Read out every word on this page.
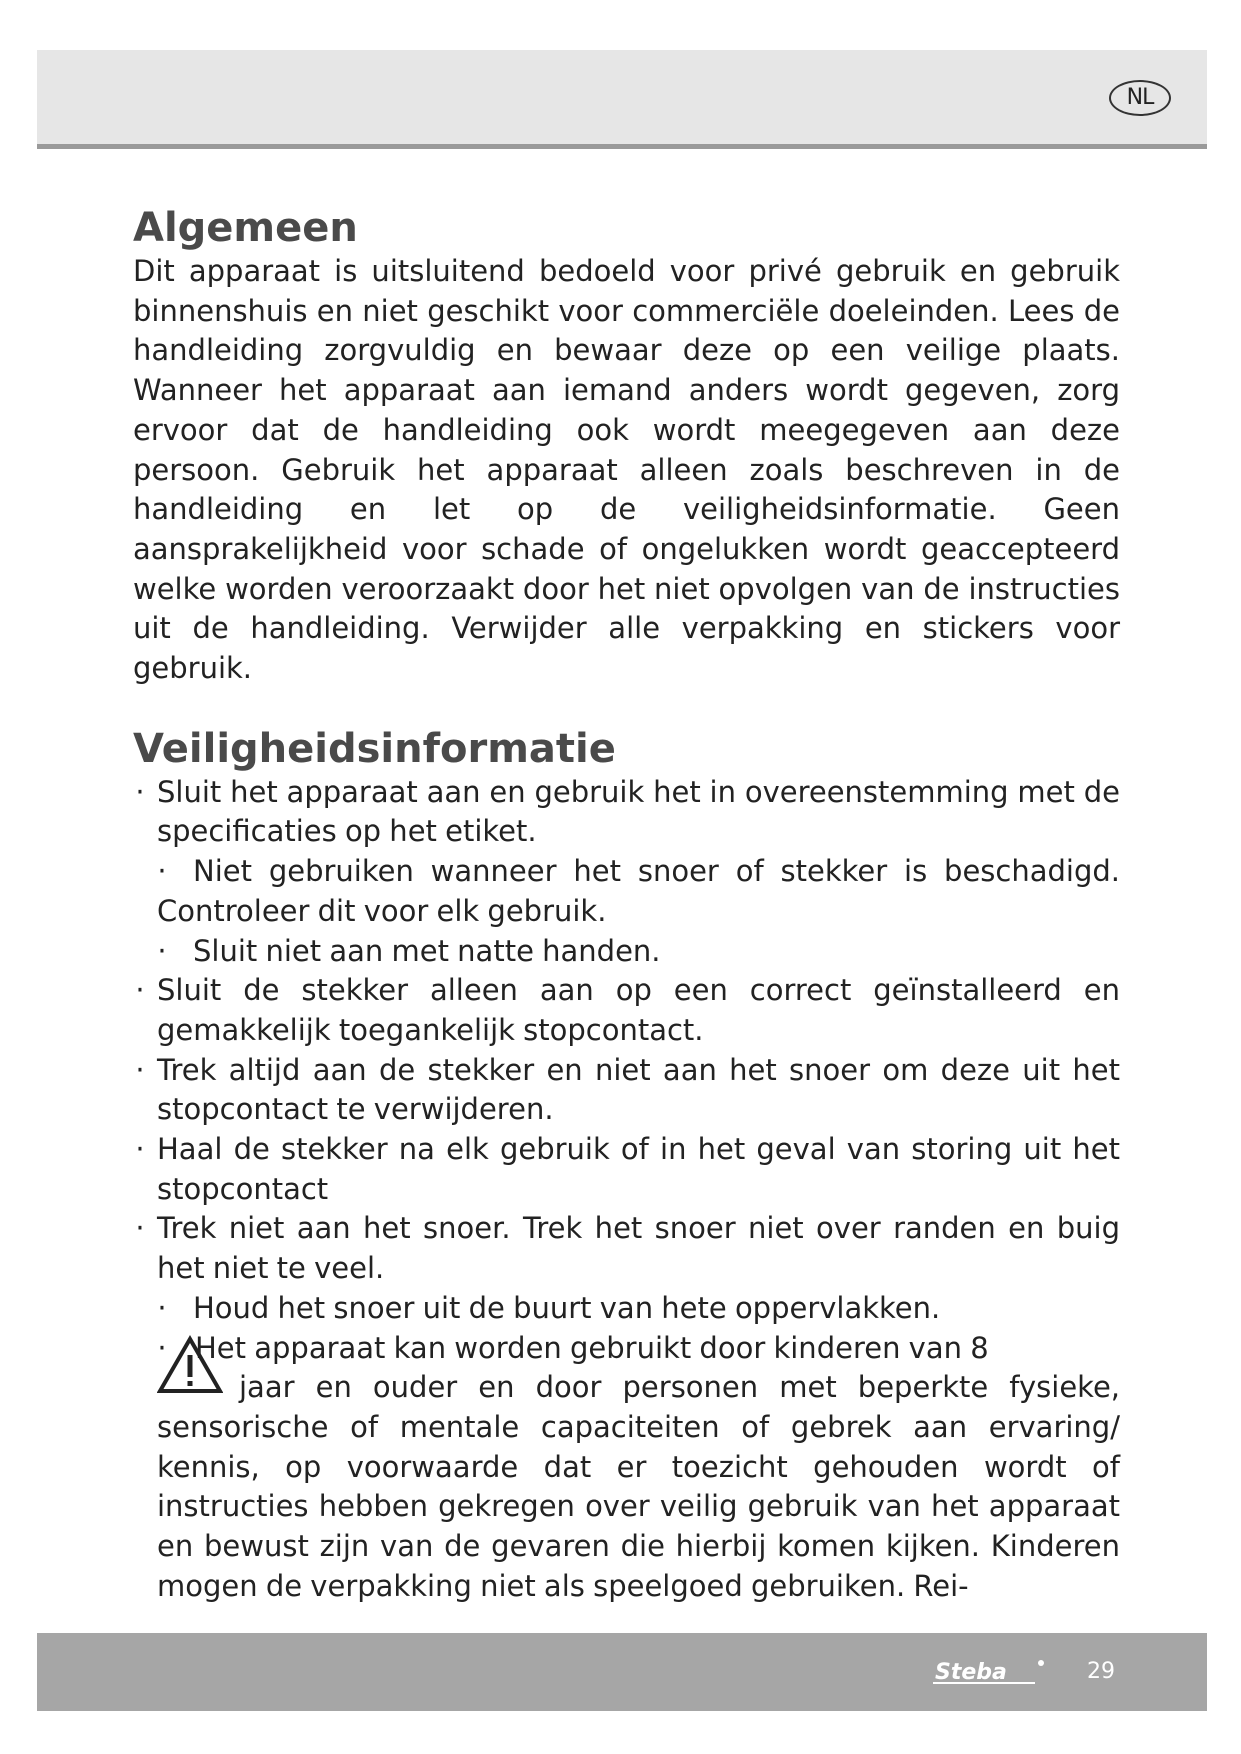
NL
Algemeen

Dit apparaat is uitsluitend bedoeld voor privé gebruik en gebruik binnenshuis en niet geschikt voor commerciële doeleinden. Lees de handleiding zorgvuldig en bewaar deze op een veilige plaats. Wanneer het apparaat aan iemand anders wordt gegeven, zorg ervoor dat de handleiding ook wordt meegegeven aan deze persoon. Gebruik het apparaat alleen zoals beschreven in de handleiding en let op de veiligheidsinformatie. Geen aansprakelijkheid voor schade of ongelukken wordt geaccepteerd welke worden veroorzaakt door het niet opvolgen van de instructies uit de handleiding. Verwijder alle verpakking en stickers voor gebruik.

Veiligheidsinformatie
· Sluit het apparaat aan en gebruik het in overeenstemming met de specificaties op het etiket.
· Niet gebruiken wanneer het snoer of stekker is beschadigd. Controleer dit voor elk gebruik.
· Sluit niet aan met natte handen.
· Sluit de stekker alleen aan op een correct geïnstalleerd en gemakkelijk toegankelijk stopcontact.
· Trek altijd aan de stekker en niet aan het snoer om deze uit het stopcontact te verwijderen.
· Haal de stekker na elk gebruik of in het geval van storing uit het stopcontact
· Trek niet aan het snoer. Trek het snoer niet over randen en buig het niet te veel.
· Houd het snoer uit de buurt van hete oppervlakken.
· Het apparaat kan worden gebruikt door kinderen van 8
jaar en ouder en door personen met beperkte fysieke, sensorische of mentale capaciteiten of gebrek aan ervaring/ kennis, op voorwaarde dat er toezicht gehouden wordt of instructies hebben gekregen over veilig gebruik van het apparaat en bewust zijn van de gevaren die hierbij komen kijken. Kinderen mogen de verpakking niet als speelgoed gebruiken. Rei-
Steba	29
